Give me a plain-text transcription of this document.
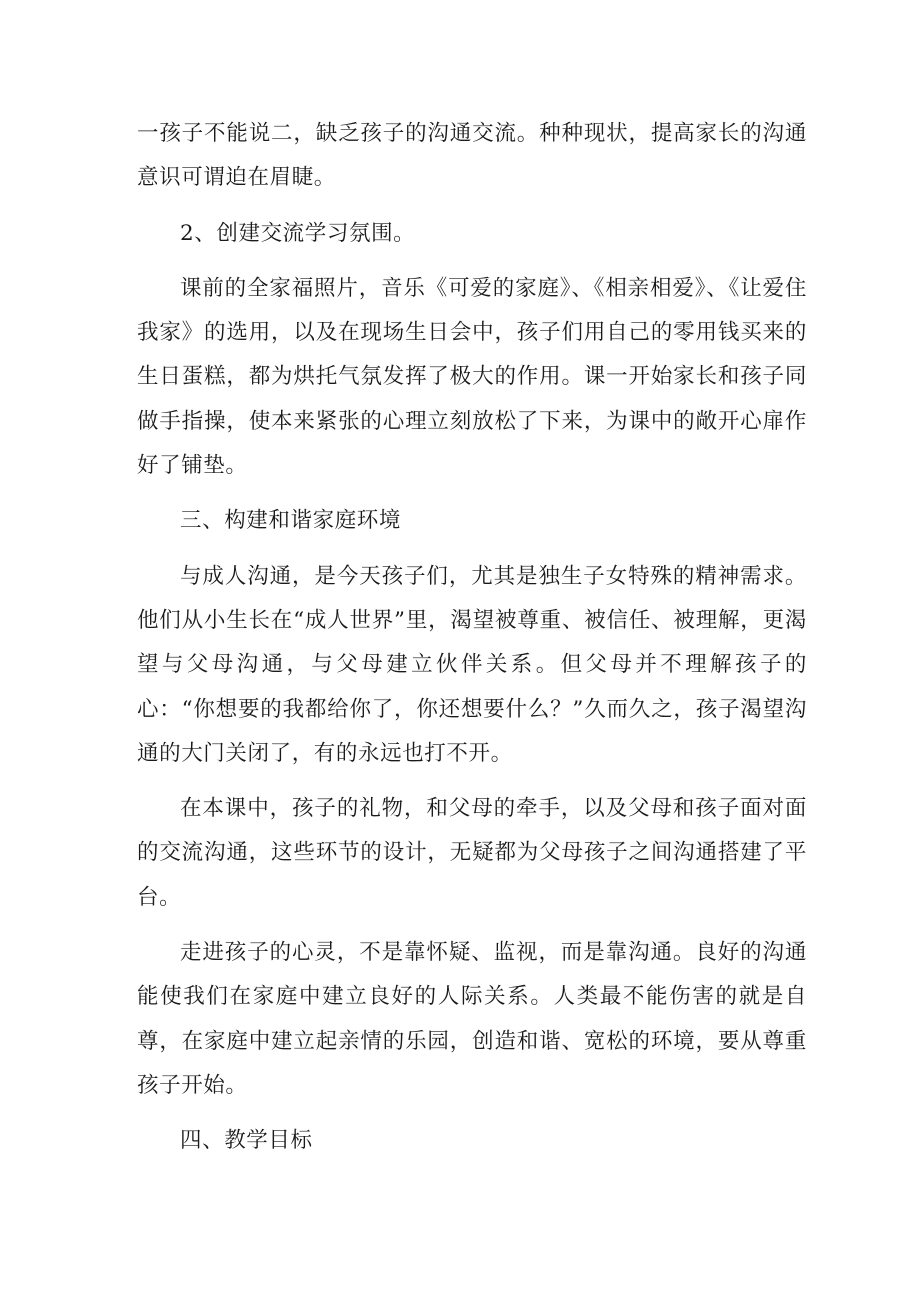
一孩子不能说二，缺乏孩子的沟通交流。种种现状，提高家长的沟通意识可谓迫在眉睫。

2、创建交流学习氛围。

课前的全家福照片，音乐《可爱的家庭》、《相亲相爱》、《让爱住我家》的选用，以及在现场生日会中，孩子们用自己的零用钱买来的生日蛋糕，都为烘托气氛发挥了极大的作用。课一开始家长和孩子同做手指操，使本来紧张的心理立刻放松了下来，为课中的敞开心扉作好了铺垫。

三、构建和谐家庭环境

与成人沟通，是今天孩子们，尤其是独生子女特殊的精神需求。他们从小生长在“成人世界”里，渴望被尊重、被信任、被理解，更渴望与父母沟通，与父母建立伙伴关系。但父母并不理解孩子的心：“你想要的我都给你了，你还想要什么？”久而久之，孩子渴望沟通的大门关闭了，有的永远也打不开。

在本课中，孩子的礼物，和父母的牵手，以及父母和孩子面对面的交流沟通，这些环节的设计，无疑都为父母孩子之间沟通搭建了平台。

走进孩子的心灵，不是靠怀疑、监视，而是靠沟通。良好的沟通能使我们在家庭中建立良好的人际关系。人类最不能伤害的就是自尊，在家庭中建立起亲情的乐园，创造和谐、宽松的环境，要从尊重孩子开始。

四、教学目标
